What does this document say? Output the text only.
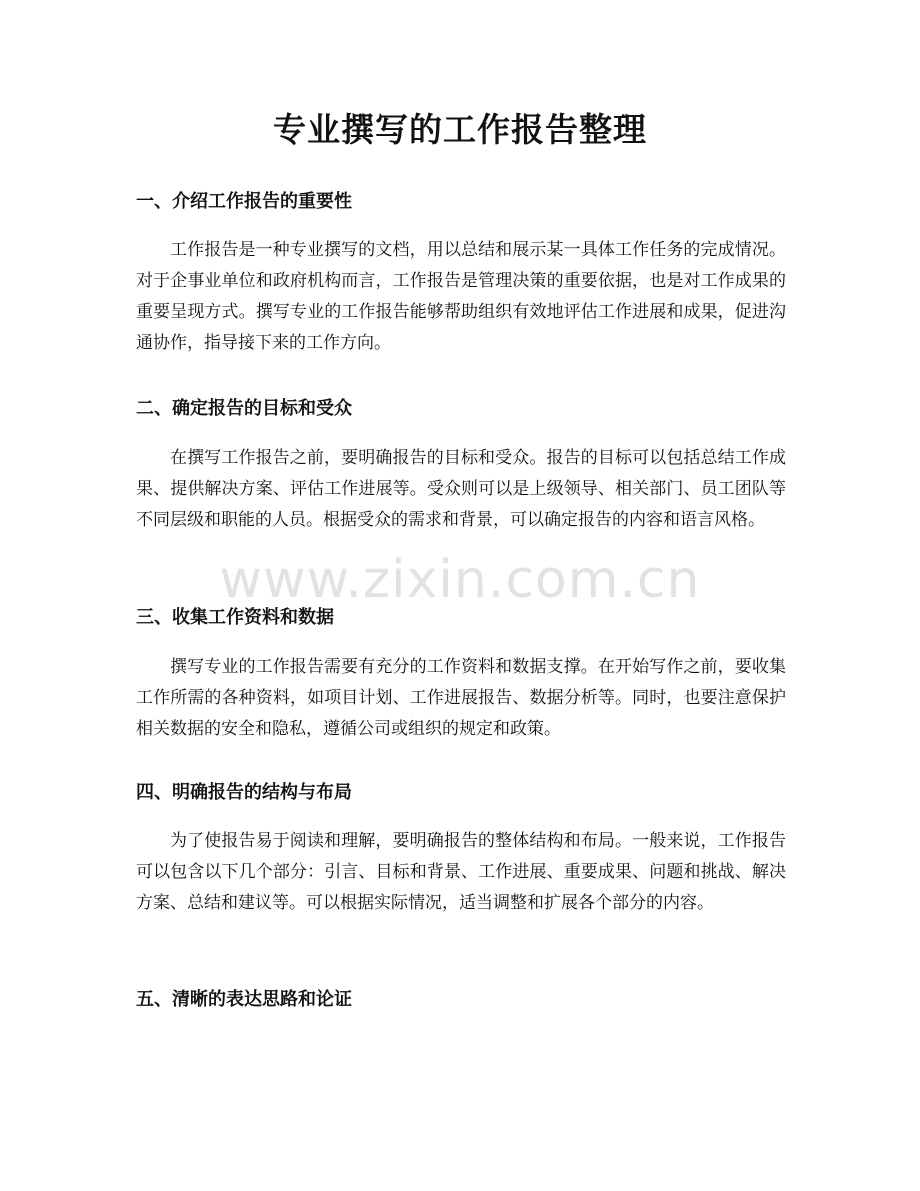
专业撰写的工作报告整理
一、介绍工作报告的重要性

工作报告是一种专业撰写的文档，用以总结和展示某一具体工作任务的完成情况。对于企事业单位和政府机构而言，工作报告是管理决策的重要依据，也是对工作成果的重要呈现方式。撰写专业的工作报告能够帮助组织有效地评估工作进展和成果，促进沟通协作，指导接下来的工作方向。

二、确定报告的目标和受众

在撰写工作报告之前，要明确报告的目标和受众。报告的目标可以包括总结工作成果、提供解决方案、评估工作进展等。受众则可以是上级领导、相关部门、员工团队等不同层级和职能的人员。根据受众的需求和背景，可以确定报告的内容和语言风格。

三、收集工作资料和数据

撰写专业的工作报告需要有充分的工作资料和数据支撑。在开始写作之前，要收集工作所需的各种资料，如项目计划、工作进展报告、数据分析等。同时，也要注意保护相关数据的安全和隐私，遵循公司或组织的规定和政策。

四、明确报告的结构与布局

为了使报告易于阅读和理解，要明确报告的整体结构和布局。一般来说，工作报告可以包含以下几个部分：引言、目标和背景、工作进展、重要成果、问题和挑战、解决方案、总结和建议等。可以根据实际情况，适当调整和扩展各个部分的内容。

五、清晰的表达思路和论证
www.zixin.com.cn
